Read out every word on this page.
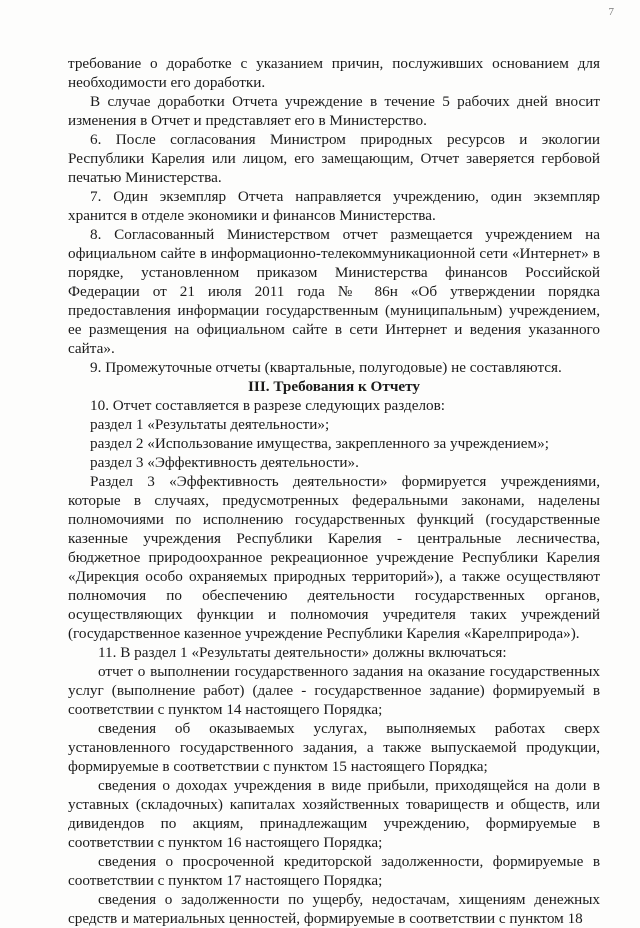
7

требование о доработке с указанием причин, послуживших основанием для необходимости его доработки.

В случае доработки Отчета учреждение в течение 5 рабочих дней вносит изменения в Отчет и представляет его в Министерство.

6. После согласования Министром природных ресурсов и экологии Республики Карелия или лицом, его замещающим, Отчет заверяется гербовой печатью Министерства.

7. Один экземпляр Отчета направляется учреждению, один экземпляр хранится в отделе экономики и финансов Министерства.

8. Согласованный Министерством отчет размещается учреждением на официальном сайте в информационно-телекоммуникационной сети «Интернет» в порядке, установленном приказом Министерства финансов Российской Федерации от 21 июля 2011 года № 86н «Об утверждении порядка предоставления информации государственным (муниципальным) учреждением, ее размещения на официальном сайте в сети Интернет и ведения указанного сайта».

9. Промежуточные отчеты (квартальные, полугодовые) не составляются.

III. Требования к Отчету

10. Отчет составляется в разрезе следующих разделов:

раздел 1 «Результаты деятельности»;

раздел 2 «Использование имущества, закрепленного за учреждением»;

раздел 3 «Эффективность деятельности».

Раздел 3 «Эффективность деятельности» формируется учреждениями, которые в случаях, предусмотренных федеральными законами, наделены полномочиями по исполнению государственных функций (государственные казенные учреждения Республики Карелия - центральные лесничества, бюджетное природоохранное рекреационное учреждение Республики Карелия «Дирекция особо охраняемых природных территорий»), а также осуществляют полномочия по обеспечению деятельности государственных органов, осуществляющих функции и полномочия учредителя таких учреждений (государственное казенное учреждение Республики Карелия «Карелприрода»).

11. В раздел 1 «Результаты деятельности» должны включаться:

отчет о выполнении государственного задания на оказание государственных услуг (выполнение работ) (далее - государственное задание) формируемый в соответствии с пунктом 14 настоящего Порядка;

сведения об оказываемых услугах, выполняемых работах сверх установленного государственного задания, а также выпускаемой продукции, формируемые в соответствии с пунктом 15 настоящего Порядка;

сведения о доходах учреждения в виде прибыли, приходящейся на доли в уставных (складочных) капиталах хозяйственных товариществ и обществ, или дивидендов по акциям, принадлежащим учреждению, формируемые в соответствии с пунктом 16 настоящего Порядка;

сведения о просроченной кредиторской задолженности, формируемые в соответствии с пунктом 17 настоящего Порядка;

сведения о задолженности по ущербу, недостачам, хищениям денежных средств и материальных ценностей, формируемые в соответствии с пунктом 18
